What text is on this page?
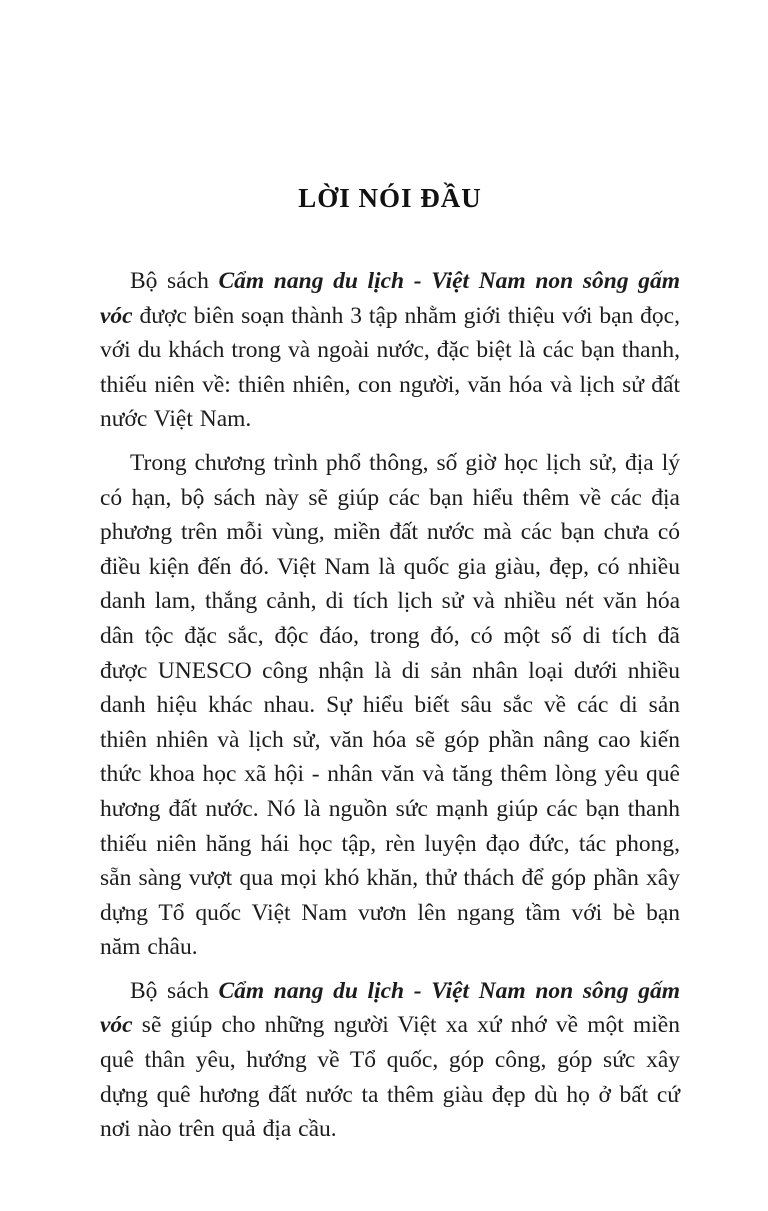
LỜI NÓI ĐẦU

Bộ sách Cẩm nang du lịch - Việt Nam non sông gấm vóc được biên soạn thành 3 tập nhằm giới thiệu với bạn đọc, với du khách trong và ngoài nước, đặc biệt là các bạn thanh, thiếu niên về: thiên nhiên, con người, văn hóa và lịch sử đất nước Việt Nam.

Trong chương trình phổ thông, số giờ học lịch sử, địa lý có hạn, bộ sách này sẽ giúp các bạn hiểu thêm về các địa phương trên mỗi vùng, miền đất nước mà các bạn chưa có điều kiện đến đó. Việt Nam là quốc gia giàu, đẹp, có nhiều danh lam, thắng cảnh, di tích lịch sử và nhiều nét văn hóa dân tộc đặc sắc, độc đáo, trong đó, có một số di tích đã được UNESCO công nhận là di sản nhân loại dưới nhiều danh hiệu khác nhau. Sự hiểu biết sâu sắc về các di sản thiên nhiên và lịch sử, văn hóa sẽ góp phần nâng cao kiến thức khoa học xã hội - nhân văn và tăng thêm lòng yêu quê hương đất nước. Nó là nguồn sức mạnh giúp các bạn thanh thiếu niên hăng hái học tập, rèn luyện đạo đức, tác phong, sẵn sàng vượt qua mọi khó khăn, thử thách để góp phần xây dựng Tổ quốc Việt Nam vươn lên ngang tầm với bè bạn năm châu.

Bộ sách Cẩm nang du lịch - Việt Nam non sông gấm vóc sẽ giúp cho những người Việt xa xứ nhớ về một miền quê thân yêu, hướng về Tổ quốc, góp công, góp sức xây dựng quê hương đất nước ta thêm giàu đẹp dù họ ở bất cứ nơi nào trên quả địa cầu.
